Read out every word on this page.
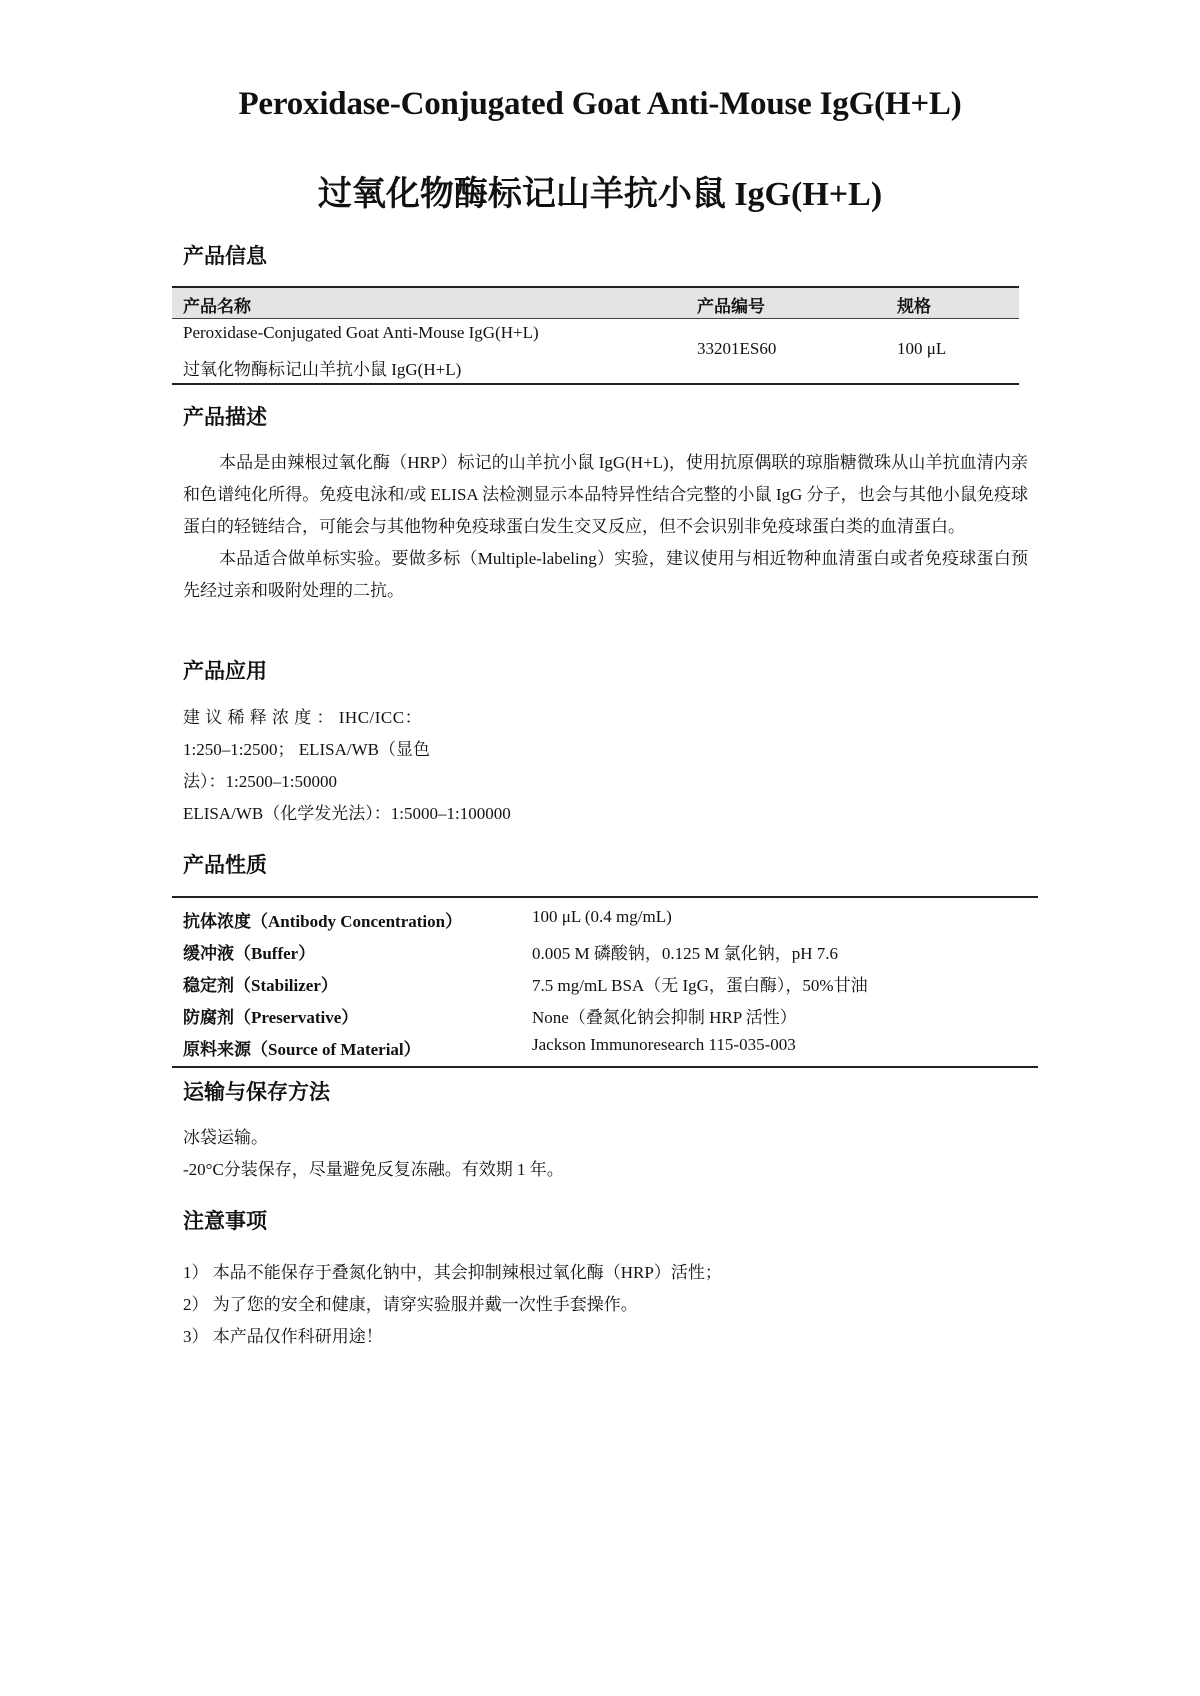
Peroxidase-Conjugated Goat Anti-Mouse IgG(H+L)
过氧化物酶标记山羊抗小鼠 IgG(H+L)
产品信息
产品名称	产品编号	规格
Peroxidase-Conjugated Goat Anti-Mouse IgG(H+L)
过氧化物酶标记山羊抗小鼠 IgG(H+L)
33201ES60	100 μL
产品描述

本品是由辣根过氧化酶（HRP）标记的山羊抗小鼠 IgG(H+L)，使用抗原偶联的琼脂糖微珠从山羊抗血清内亲和色谱纯化所得。免疫电泳和/或 ELISA 法检测显示本品特异性结合完整的小鼠 IgG 分子，也会与其他小鼠免疫球蛋白的轻链结合，可能会与其他物种免疫球蛋白发生交叉反应，但不会识别非免疫球蛋白类的血清蛋白。

本品适合做单标实验。要做多标（Multiple-labeling）实验，建议使用与相近物种血清蛋白或者免疫球蛋白预先经过亲和吸附处理的二抗。

产品应用
建 议 稀 释 浓 度 ： IHC/ICC：
1:250–1:2500； ELISA/WB（显色
法）：1:2500–1:50000
ELISA/WB（化学发光法）：1:5000–1:100000
产品性质
抗体浓度（Antibody Concentration）	100 μL (0.4 mg/mL)
缓冲液（Buffer）	0.005 M 磷酸钠，0.125 M 氯化钠，pH 7.6
稳定剂（Stabilizer）	7.5 mg/mL BSA（无 IgG，蛋白酶），50%甘油
防腐剂（Preservative）	None（叠氮化钠会抑制 HRP 活性）
原料来源（Source of Material）	Jackson Immunoresearch 115-035-003
运输与保存方法
冰袋运输。
-20°C分装保存，尽量避免反复冻融。有效期 1 年。
注意事项
1） 本品不能保存于叠氮化钠中，其会抑制辣根过氧化酶（HRP）活性；
2） 为了您的安全和健康，请穿实验服并戴一次性手套操作。
3） 本产品仅作科研用途！
